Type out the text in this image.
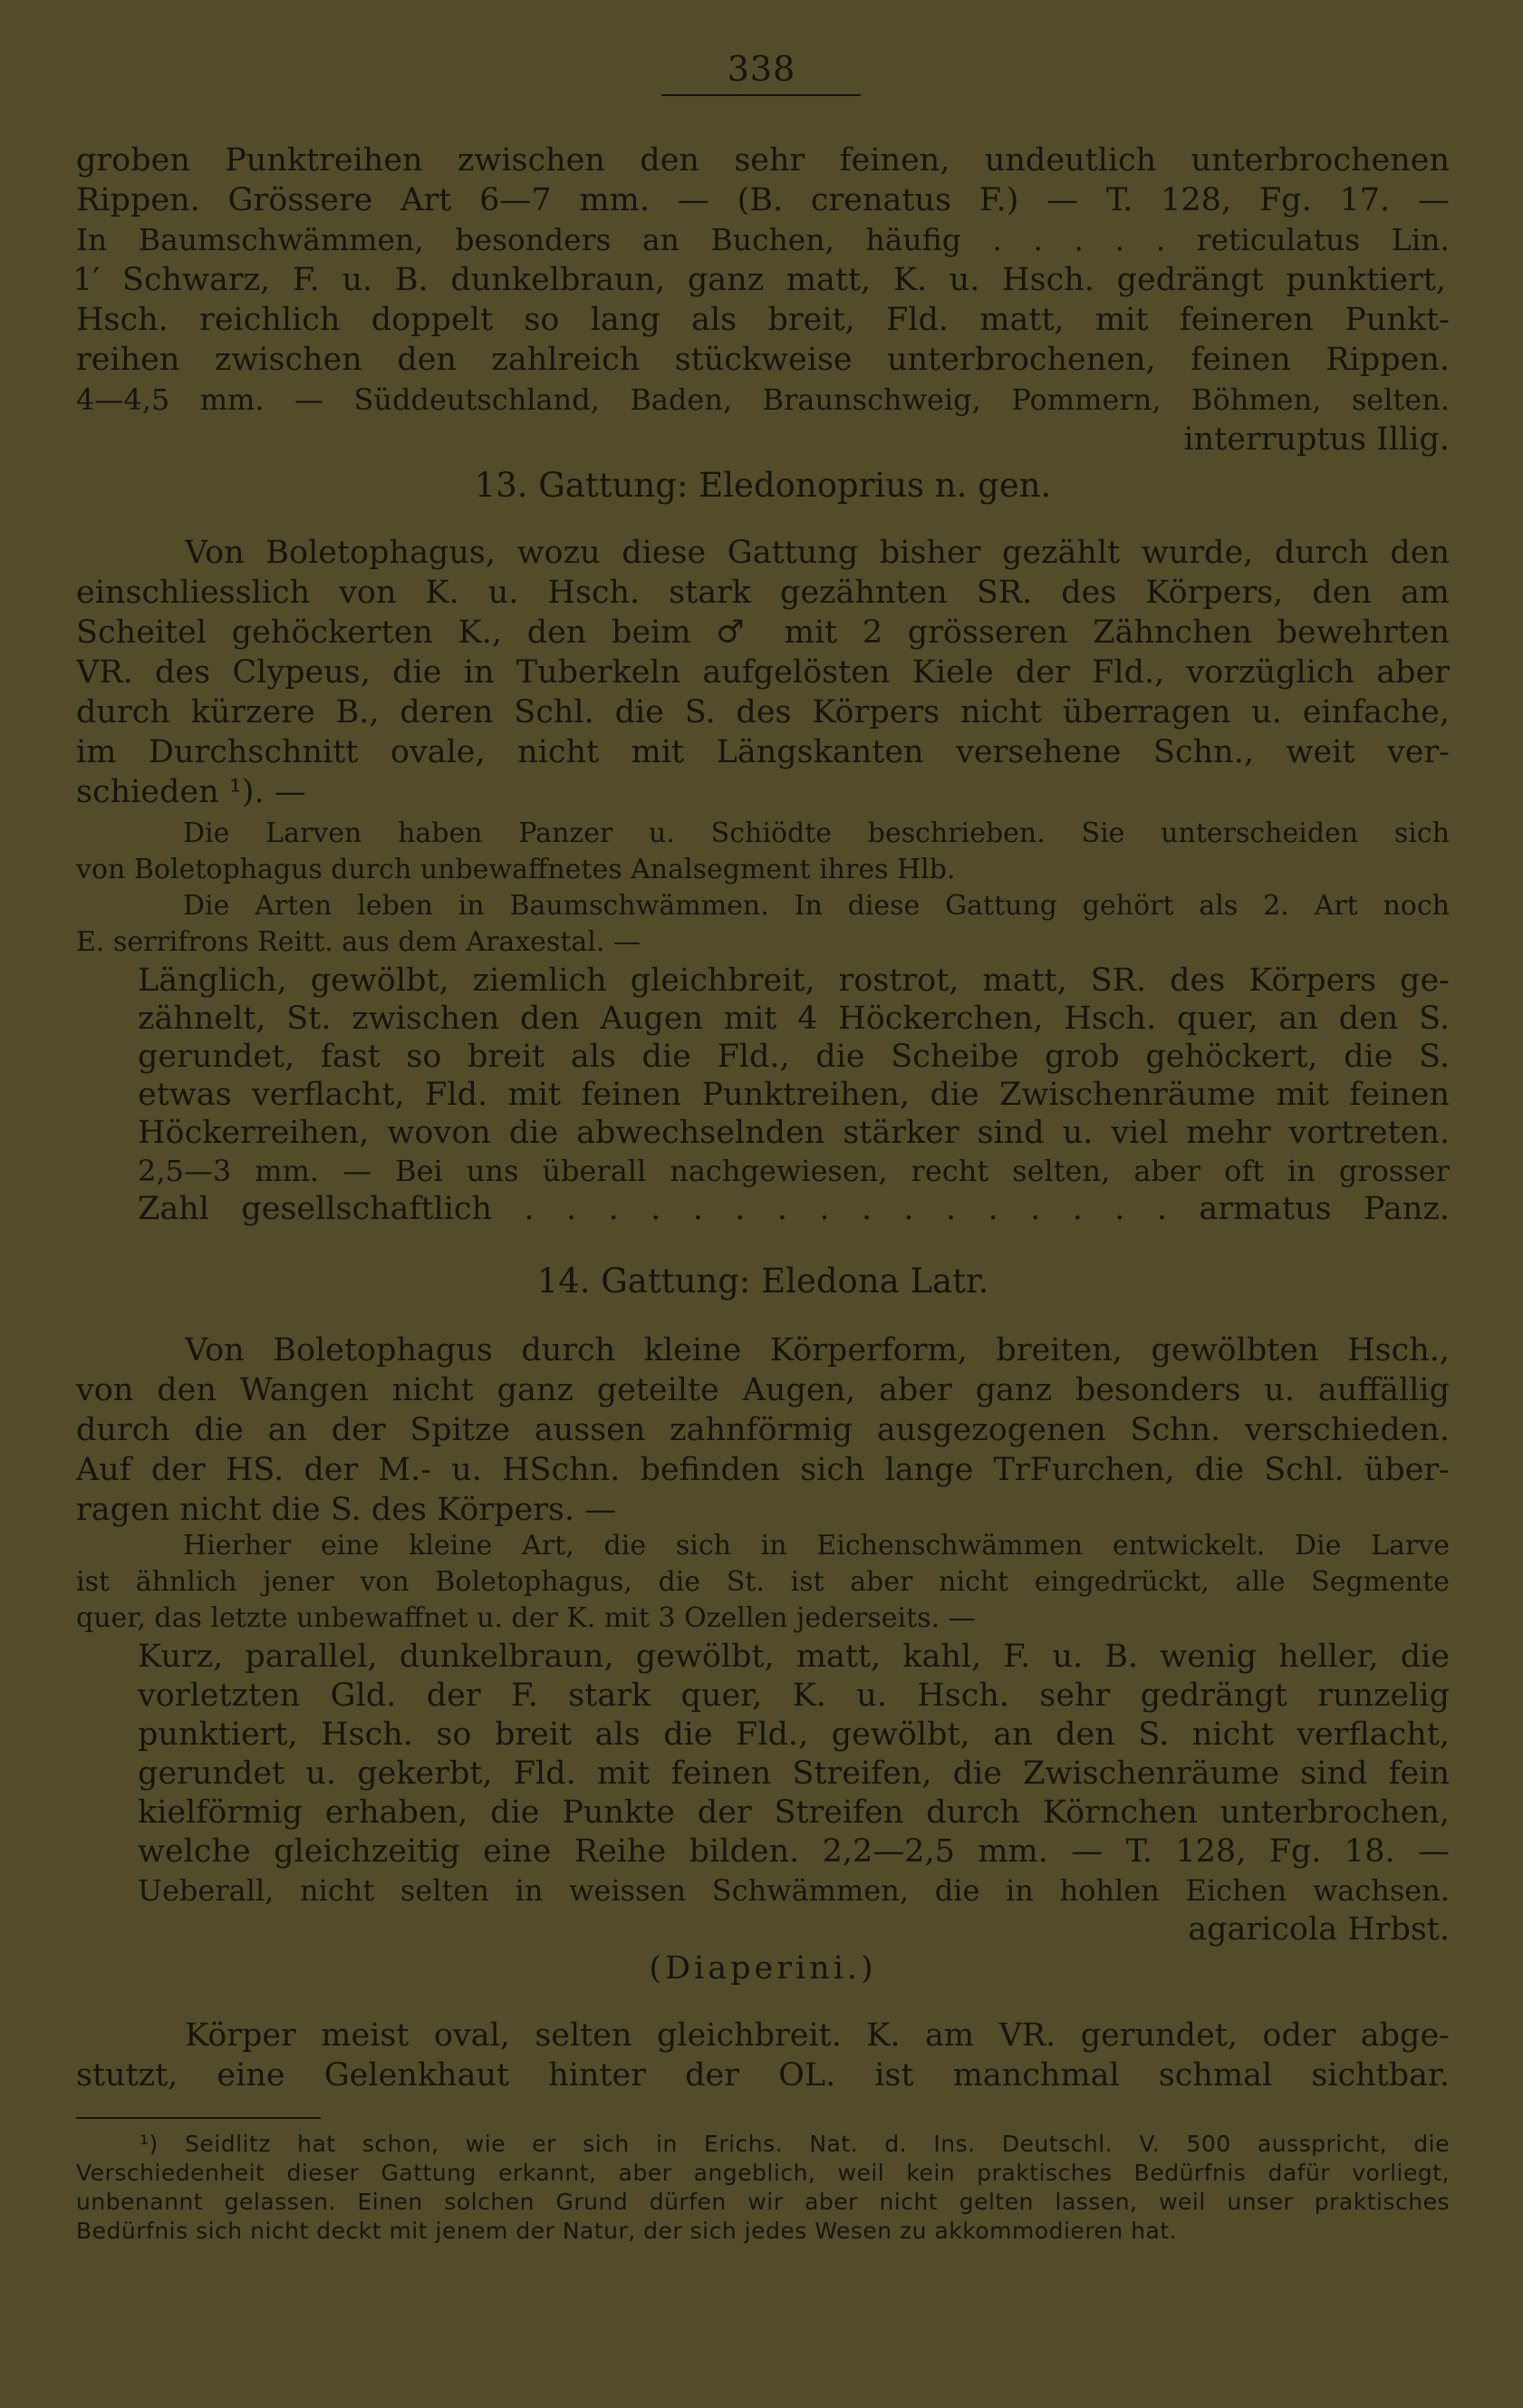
338
groben Punktreihen zwischen den sehr feinen, undeutlich unterbrochenen
Rippen. Grössere Art 6—7 mm. — (B. crenatus F.) — T. 128, Fg. 17. —
In Baumschwämmen, besonders an Buchen, häufig . . . . . reticulatus Lin.
1′ Schwarz, F. u. B. dunkelbraun, ganz matt, K. u. Hsch. gedrängt punktiert,
Hsch. reichlich doppelt so lang als breit, Fld. matt, mit feineren Punkt-
reihen zwischen den zahlreich stückweise unterbrochenen, feinen Rippen.
4—4,5 mm. — Süddeutschland, Baden, Braunschweig, Pommern, Böhmen, selten.
interruptus Illig.
13. Gattung: Eledonoprius n. gen.
Von Boletophagus, wozu diese Gattung bisher gezählt wurde, durch den
einschliesslich von K. u. Hsch. stark gezähnten SR. des Körpers, den am
Scheitel gehöckerten K., den beim ♂ mit 2 grösseren Zähnchen bewehrten
VR. des Clypeus, die in Tuberkeln aufgelösten Kiele der Fld., vorzüglich aber
durch kürzere B., deren Schl. die S. des Körpers nicht überragen u. einfache,
im Durchschnitt ovale, nicht mit Längskanten versehene Schn., weit ver-
schieden ¹). —
Die Larven haben Panzer u. Schiödte beschrieben. Sie unterscheiden sich
von Boletophagus durch unbewaffnetes Analsegment ihres Hlb.
Die Arten leben in Baumschwämmen. In diese Gattung gehört als 2. Art noch
E. serrifrons Reitt. aus dem Araxestal. —
Länglich, gewölbt, ziemlich gleichbreit, rostrot, matt, SR. des Körpers ge-
zähnelt, St. zwischen den Augen mit 4 Höckerchen, Hsch. quer, an den S.
gerundet, fast so breit als die Fld., die Scheibe grob gehöckert, die S.
etwas verflacht, Fld. mit feinen Punktreihen, die Zwischenräume mit feinen
Höckerreihen, wovon die abwechselnden stärker sind u. viel mehr vortreten.
2,5—3 mm. — Bei uns überall nachgewiesen, recht selten, aber oft in grosser
Zahl gesellschaftlich . . . . . . . . . . . . . . . . armatus Panz.
14. Gattung: Eledona Latr.
Von Boletophagus durch kleine Körperform, breiten, gewölbten Hsch.,
von den Wangen nicht ganz geteilte Augen, aber ganz besonders u. auffällig
durch die an der Spitze aussen zahnförmig ausgezogenen Schn. verschieden.
Auf der HS. der M.- u. HSchn. befinden sich lange TrFurchen, die Schl. über-
ragen nicht die S. des Körpers. —
Hierher eine kleine Art, die sich in Eichenschwämmen entwickelt. Die Larve
ist ähnlich jener von Boletophagus, die St. ist aber nicht eingedrückt, alle Segmente
quer, das letzte unbewaffnet u. der K. mit 3 Ozellen jederseits. —
Kurz, parallel, dunkelbraun, gewölbt, matt, kahl, F. u. B. wenig heller, die
vorletzten Gld. der F. stark quer, K. u. Hsch. sehr gedrängt runzelig
punktiert, Hsch. so breit als die Fld., gewölbt, an den S. nicht verflacht,
gerundet u. gekerbt, Fld. mit feinen Streifen, die Zwischenräume sind fein
kielförmig erhaben, die Punkte der Streifen durch Körnchen unterbrochen,
welche gleichzeitig eine Reihe bilden. 2,2—2,5 mm. — T. 128, Fg. 18. —
Ueberall, nicht selten in weissen Schwämmen, die in hohlen Eichen wachsen.
agaricola Hrbst.
(Diaperini.)
Körper meist oval, selten gleichbreit. K. am VR. gerundet, oder abge-
stutzt, eine Gelenkhaut hinter der OL. ist manchmal schmal sichtbar.
¹) Seidlitz hat schon, wie er sich in Erichs. Nat. d. Ins. Deutschl. V. 500 ausspricht, die
Verschiedenheit dieser Gattung erkannt, aber angeblich, weil kein praktisches Bedürfnis dafür vorliegt,
unbenannt gelassen. Einen solchen Grund dürfen wir aber nicht gelten lassen, weil unser praktisches
Bedürfnis sich nicht deckt mit jenem der Natur, der sich jedes Wesen zu akkommodieren hat.
